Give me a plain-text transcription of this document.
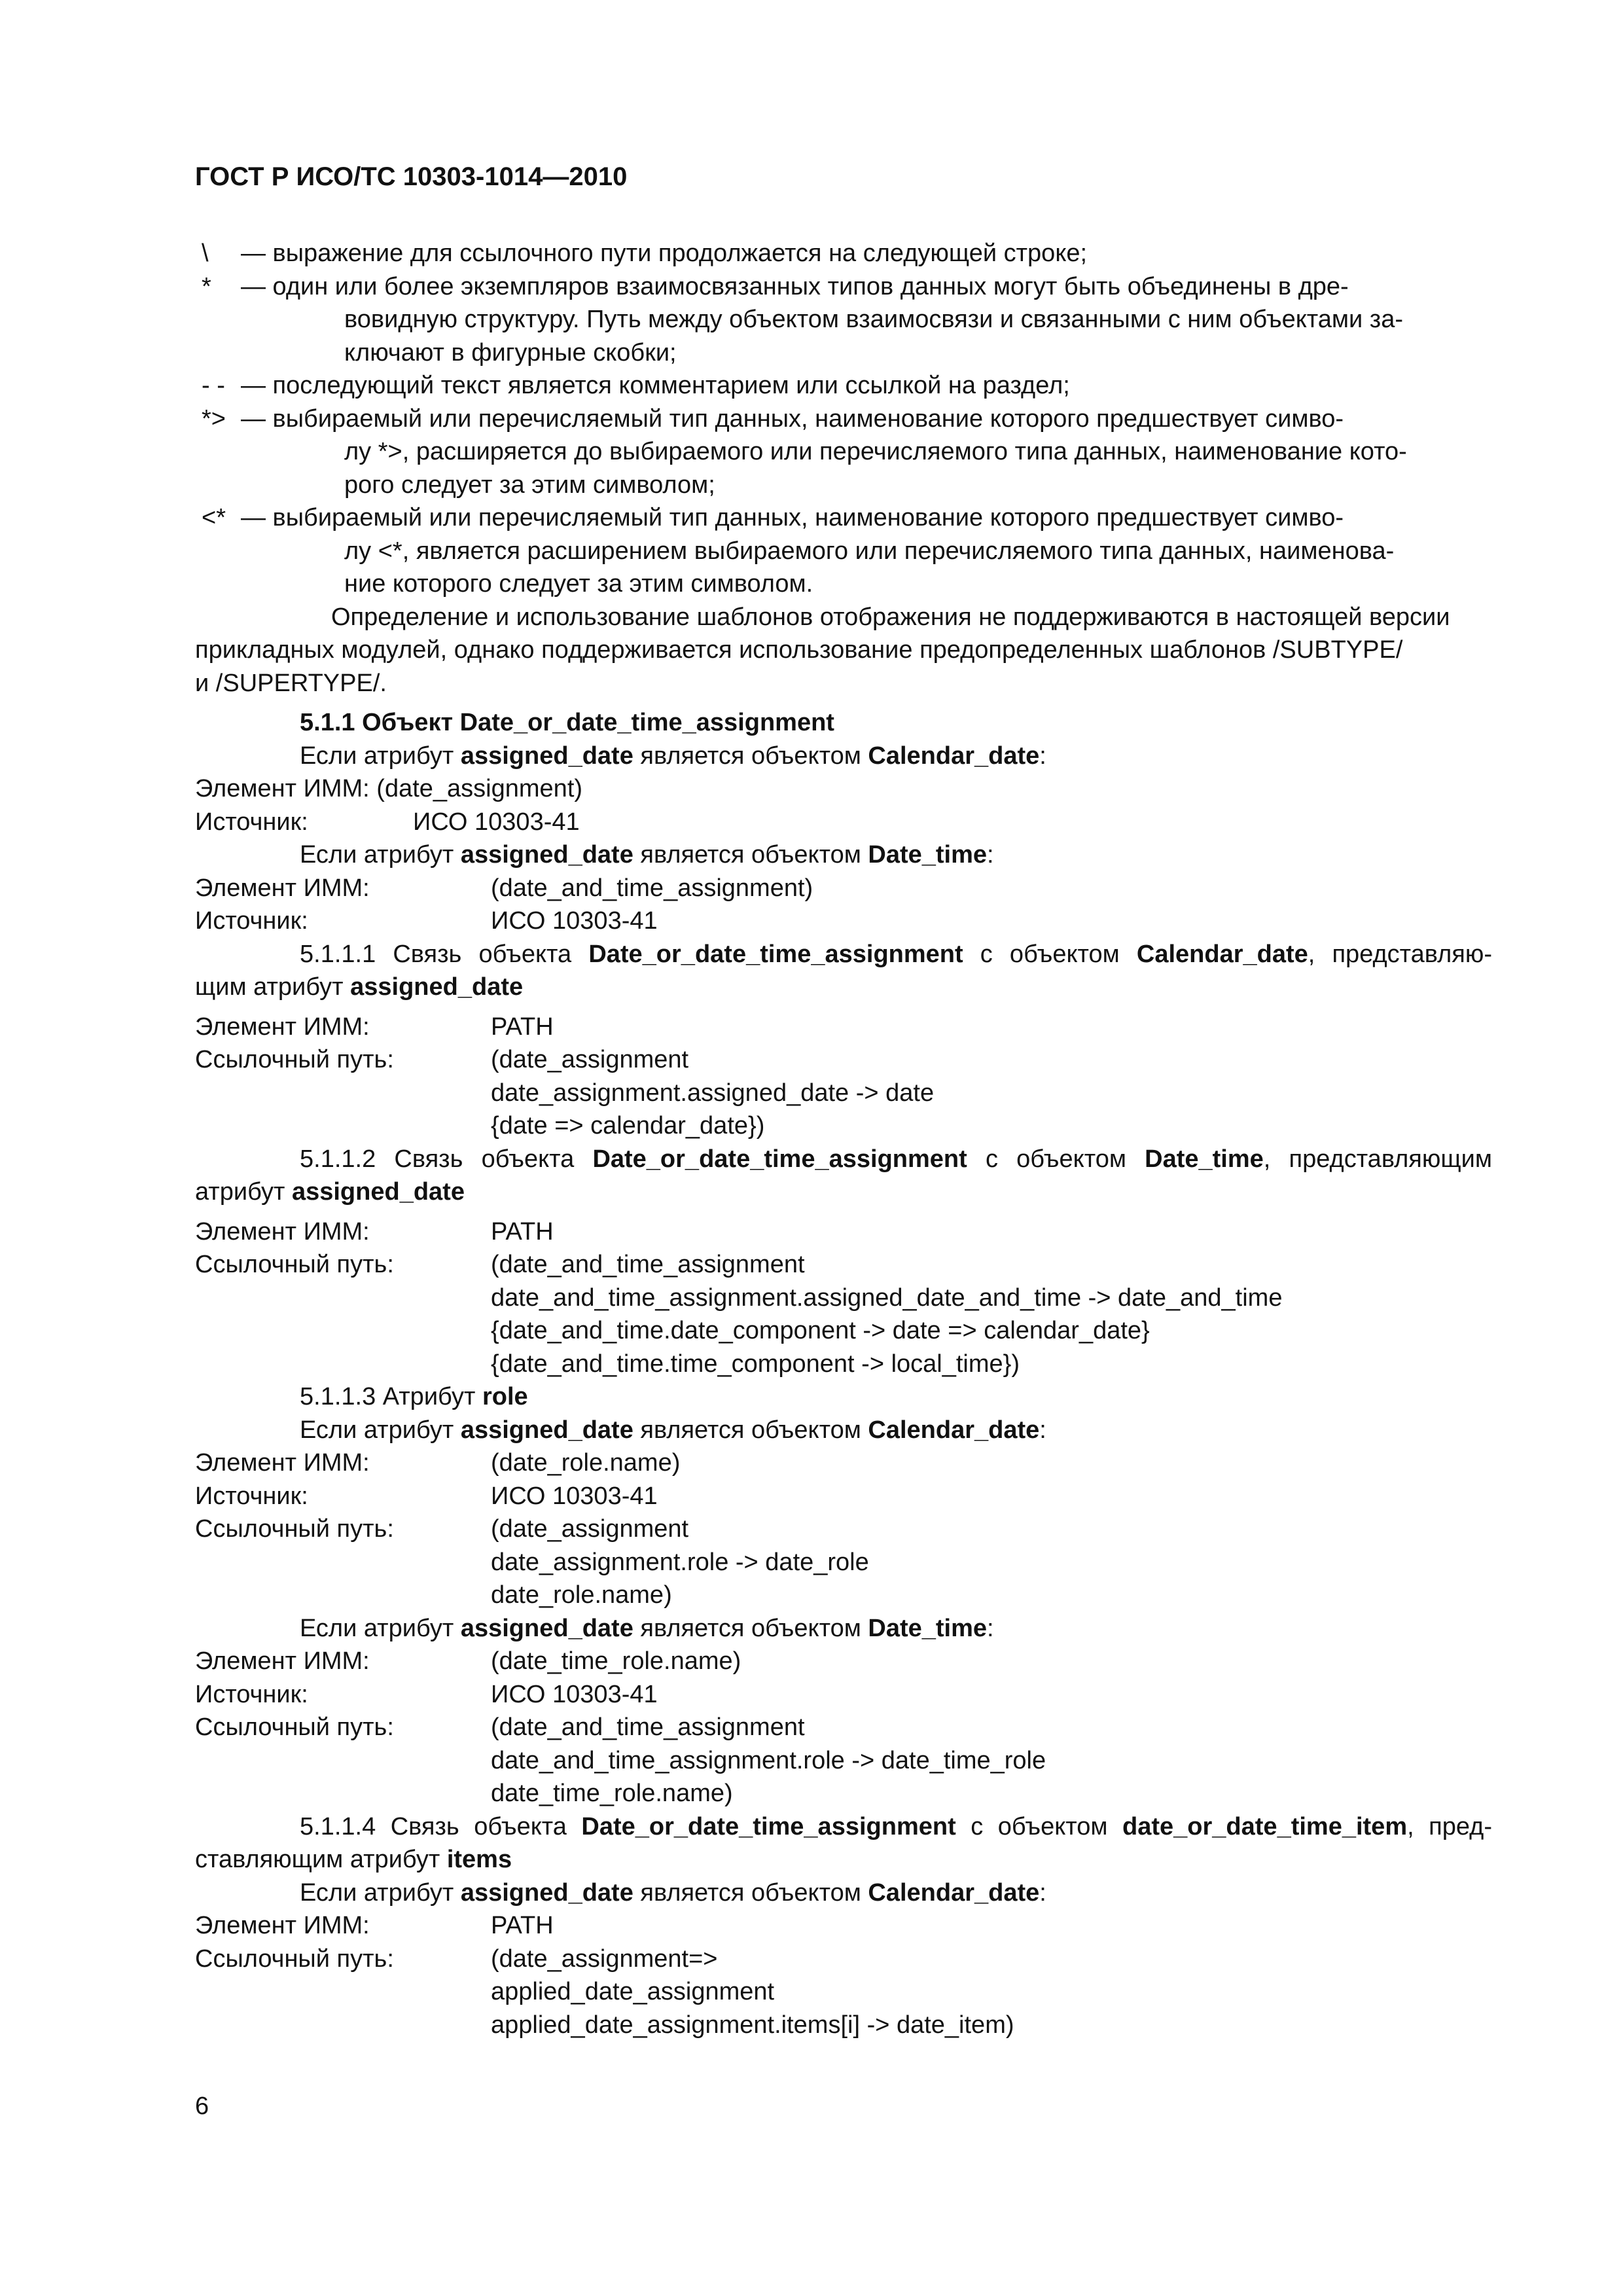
ГОСТ Р ИСО/ТС 10303-1014—2010
\	— выражение для ссылочного пути продолжается на следующей строке;
*	— один или более экземпляров взаимосвязанных типов данных могут быть объединены в дре-
вовидную структуру. Путь между объектом взаимосвязи и связанными с ним объектами за-
ключают в фигурные скобки;
- - — последующий текст является комментарием или ссылкой на раздел;
*> — выбираемый или перечисляемый тип данных, наименование которого предшествует симво-
лу *>, расширяется до выбираемого или перечисляемого типа данных, наименование кото-
рого следует за этим символом;
<* — выбираемый или перечисляемый тип данных, наименование которого предшествует симво-
лу <*, является расширением выбираемого или перечисляемого типа данных, наименова-
ние которого следует за этим символом.
Определение и использование шаблонов отображения не поддерживаются в настоящей версии
прикладных модулей, однако поддерживается использование предопределенных шаблонов /SUBTYPE/
и /SUPERTYPE/.
5.1.1 Объект Date_or_date_time_assignment
Если атрибут assigned_date является объектом Calendar_date:
Элемент ИММ: (date_assignment)
Источник:	ИСО 10303-41
Если атрибут assigned_date является объектом Date_time:
Элемент ИММ:	(date_and_time_assignment)
Источник:	ИСО 10303-41
5.1.1.1 Связь объекта Date_or_date_time_assignment с объектом Calendar_date, представляю-
щим атрибут assigned_date
Элемент ИММ:	PATH
Ссылочный путь:	(date_assignment
date_assignment.assigned_date -> date
{date => calendar_date})
5.1.1.2 Связь объекта Date_or_date_time_assignment с объектом Date_time, представляющим
атрибут assigned_date
Элемент ИММ:	PATH
Ссылочный путь:	(date_and_time_assignment
date_and_time_assignment.assigned_date_and_time -> date_and_time
{date_and_time.date_component -> date => calendar_date}
{date_and_time.time_component -> local_time})
5.1.1.3 Атрибут role
Если атрибут assigned_date является объектом Calendar_date:
Элемент ИММ:	(date_role.name)
Источник:	ИСО 10303-41
Ссылочный путь:	(date_assignment
date_assignment.role -> date_role
date_role.name)
Если атрибут assigned_date является объектом Date_time:
Элемент ИММ:	(date_time_role.name)
Источник:	ИСО 10303-41
Ссылочный путь:	(date_and_time_assignment
date_and_time_assignment.role -> date_time_role
date_time_role.name)
5.1.1.4 Связь объекта Date_or_date_time_assignment с объектом date_or_date_time_item, пред-
ставляющим атрибут items
Если атрибут assigned_date является объектом Calendar_date:
Элемент ИММ:	PATH
Ссылочный путь:	(date_assignment=>
applied_date_assignment
applied_date_assignment.items[i] -> date_item)
6
